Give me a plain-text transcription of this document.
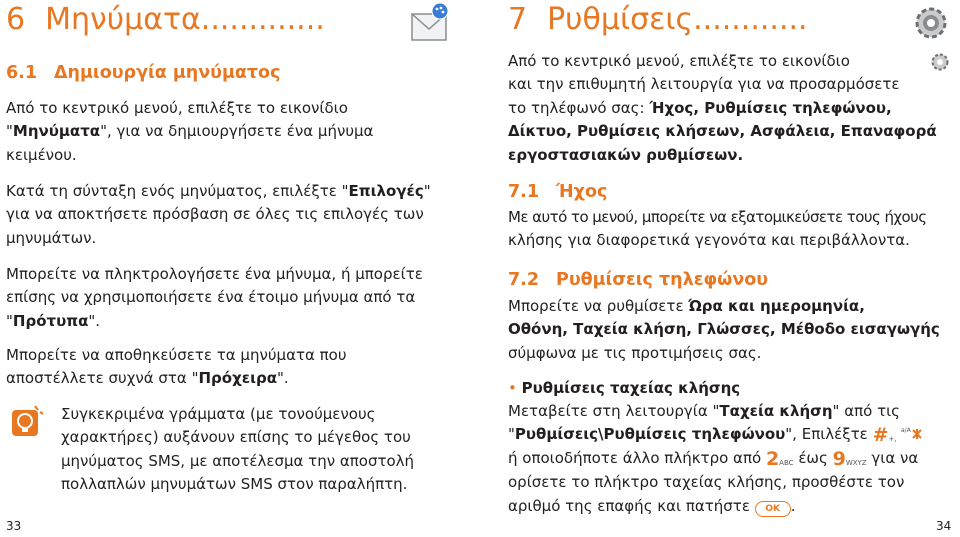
6 Μηνύματα.............
6.1 Δημιουργία μηνύματος
Από το κεντρικό μενού, επιλέξτε το εικονίδιο
"Μηνύματα", για να δημιουργήσετε ένα μήνυμα
κειμένου.
Κατά τη σύνταξη ενός μηνύματος, επιλέξτε "Επιλογές"
για να αποκτήσετε πρόσβαση σε όλες τις επιλογές των
μηνυμάτων.
Μπορείτε να πληκτρολογήσετε ένα μήνυμα, ή μπορείτε
επίσης να χρησιμοποιήσετε ένα έτοιμο μήνυμα από τα
"Πρότυπα".
Μπορείτε να αποθηκεύσετε τα μηνύματα που
αποστέλλετε συχνά στα "Πρόχειρα".
Συγκεκριμένα γράμματα (με τονούμενους
χαρακτήρες) αυξάνουν επίσης το μέγεθος του
μηνύματος SMS, με αποτέλεσμα την αποστολή
πολλαπλών μηνυμάτων SMS στον παραλήπτη.
33
7 Ρυθμίσεις............
Από το κεντρικό μενού, επιλέξτε το εικονίδιο
και την επιθυμητή λειτουργία για να προσαρμόσετε
το τηλέφωνό σας: Ήχος, Ρυθμίσεις τηλεφώνου,
Δίκτυο, Ρυθμίσεις κλήσεων, Ασφάλεια, Επαναφορά
εργοστασιακών ρυθμίσεων.
7.1 Ήχος
Με αυτό το μενού, μπορείτε να εξατομικεύσετε τους ήχους
κλήσης για διαφορετικά γεγονότα και περιβάλλοντα.
7.2 Ρυθμίσεις τηλεφώνου
Μπορείτε να ρυθμίσετε Ώρα και ημερομηνία,
Οθόνη, Ταχεία κλήση, Γλώσσες, Μέθοδο εισαγωγής
σύμφωνα με τις προτιμήσεις σας.
• Ρυθμίσεις ταχείας κλήσης
Μεταβείτε στη λειτουργία "Ταχεία κλήση" από τις
"Ρυθμίσεις\Ρυθμίσεις τηλεφώνου", Επιλέξτε #+,
a/A
ή οποιοδήποτε άλλο πλήκτρο από 2ABC έως 9WXYZ για να
ορίσετε το πλήκτρο ταχείας κλήσης, προσθέστε τον
αριθμό της επαφής και πατήστε OK .
34
